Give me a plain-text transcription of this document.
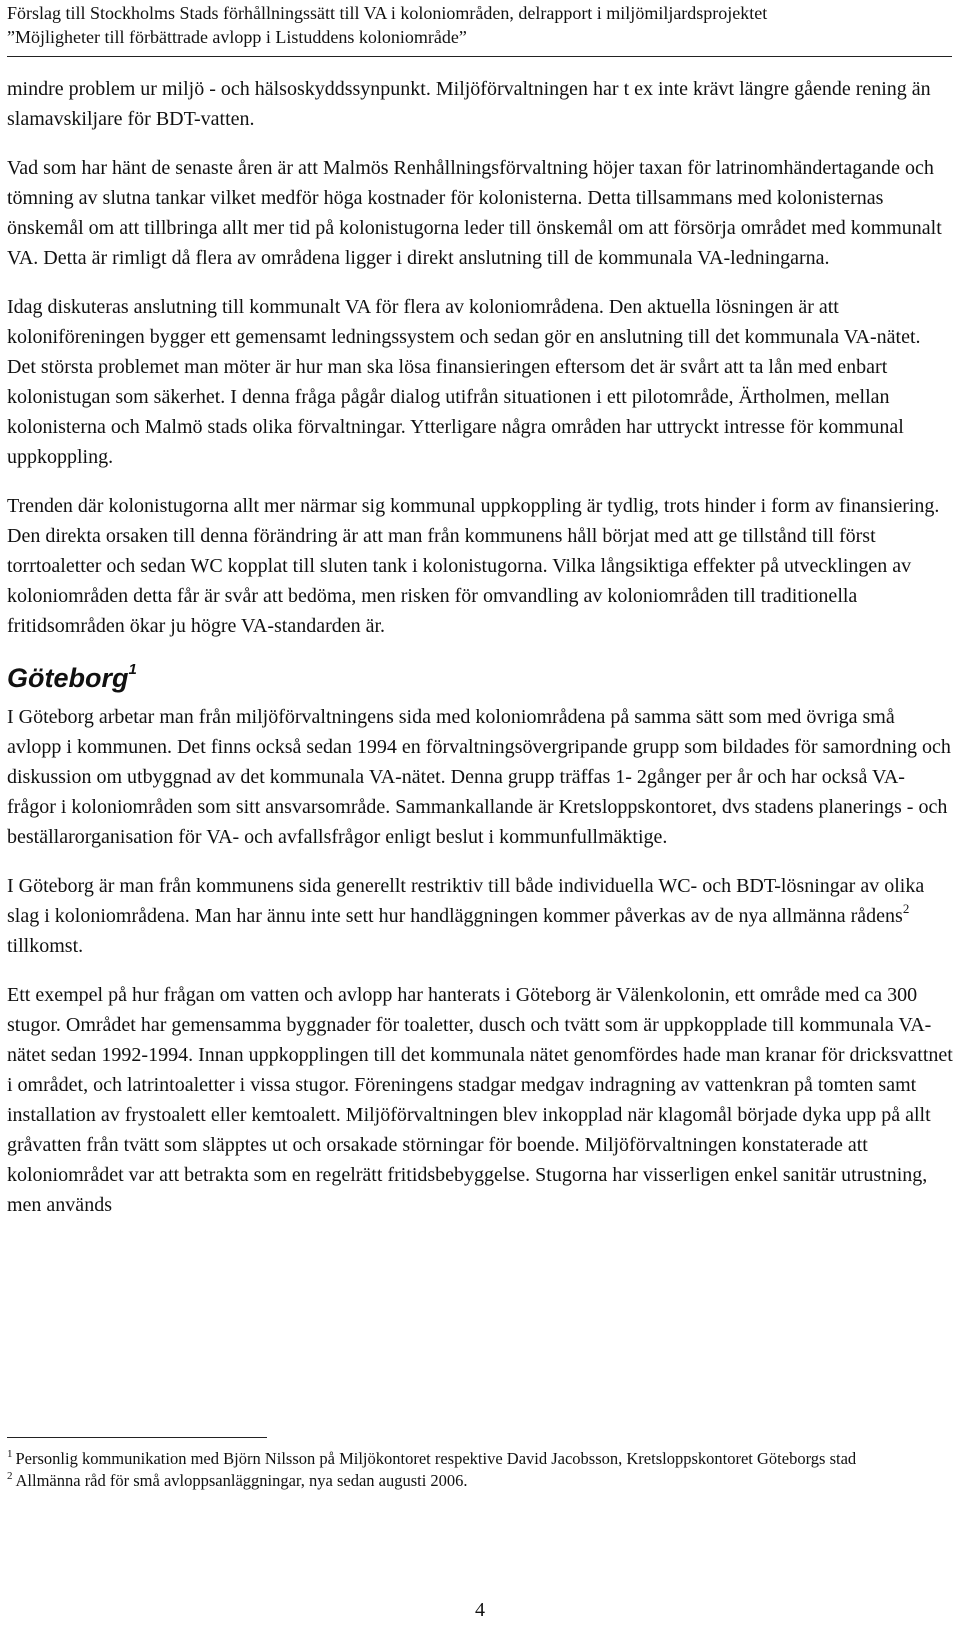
Förslag till Stockholms Stads förhållningssätt till VA i koloniområden, delrapport i miljömiljardsprojektet
”Möjligheter till förbättrade avlopp i Listuddens koloniområde”

mindre problem ur miljö - och hälsoskyddssynpunkt. Miljöförvaltningen har t ex inte krävt längre gående rening än slamavskiljare för BDT-vatten.

Vad som har hänt de senaste åren är att Malmös Renhållningsförvaltning höjer taxan för latrinomhändertagande och tömning av slutna tankar vilket medför höga kostnader för kolonisterna. Detta tillsammans med kolonisternas önskemål om att tillbringa allt mer tid på kolonistugorna leder till önskemål om att försörja området med kommunalt VA. Detta är rimligt då flera av områdena ligger i direkt anslutning till de kommunala VA-ledningarna.

Idag diskuteras anslutning till kommunalt VA för flera av koloniområdena. Den aktuella lösningen är att koloniföreningen bygger ett gemensamt ledningssystem och sedan gör en anslutning till det kommunala VA-nätet. Det största problemet man möter är hur man ska lösa finansieringen eftersom det är svårt att ta lån med enbart kolonistugan som säkerhet. I denna fråga pågår dialog utifrån situationen i ett pilotområde, Ärtholmen, mellan kolonisterna och Malmö stads olika förvaltningar. Ytterligare några områden har uttryckt intresse för kommunal uppkoppling.

Trenden där kolonistugorna allt mer närmar sig kommunal uppkoppling är tydlig, trots hinder i form av finansiering. Den direkta orsaken till denna förändring är att man från kommunens håll börjat med att ge tillstånd till först torrtoaletter och sedan WC kopplat till sluten tank i kolonistugorna. Vilka långsiktiga effekter på utvecklingen av koloniområden detta får är svår att bedöma, men risken för omvandling av koloniområden till traditionella fritidsområden ökar ju högre VA-standarden är.

Göteborg$^1$

I Göteborg arbetar man från miljöförvaltningens sida med koloniområdena på samma sätt som med övriga små avlopp i kommunen. Det finns också sedan 1994 en förvaltningsövergripande grupp som bildades för samordning och diskussion om utbyggnad av det kommunala VA-nätet. Denna grupp träffas 1- 2gånger per år och har också VA-frågor i koloniområden som sitt ansvarsområde. Sammankallande är Kretsloppskontoret, dvs stadens planerings - och beställarorganisation för VA- och avfallsfrågor enligt beslut i kommunfullmäktige.

I Göteborg är man från kommunens sida generellt restriktiv till både individuella WC- och BDT-lösningar av olika slag i koloniområdena. Man har ännu inte sett hur handläggningen kommer påverkas av de nya allmänna rådens$^2$ tillkomst.

Ett exempel på hur frågan om vatten och avlopp har hanterats i Göteborg är Välenkolonin, ett område med ca 300 stugor. Området har gemensamma byggnader för toaletter, dusch och tvätt som är uppkopplade till kommunala VA-nätet sedan 1992-1994. Innan uppkopplingen till det kommunala nätet genomfördes hade man kranar för dricksvattnet i området, och latrintoaletter i vissa stugor. Föreningens stadgar medgav indragning av vattenkran på tomten samt installation av frystoalett eller kemtoalett. Miljöförvaltningen blev inkopplad när klagomål började dyka upp på allt gråvatten från tvätt som släpptes ut och orsakade störningar för boende. Miljöförvaltningen konstaterade att koloniområdet var att betrakta som en regelrätt fritidsbebyggelse. Stugorna har visserligen enkel sanitär utrustning, men används

$^1$ Personlig kommunikation med Björn Nilsson på Miljökontoret respektive David Jacobsson, Kretsloppskontoret Göteborgs stad

$^2$ Allmänna råd för små avloppsanläggningar, nya sedan augusti 2006.

4
